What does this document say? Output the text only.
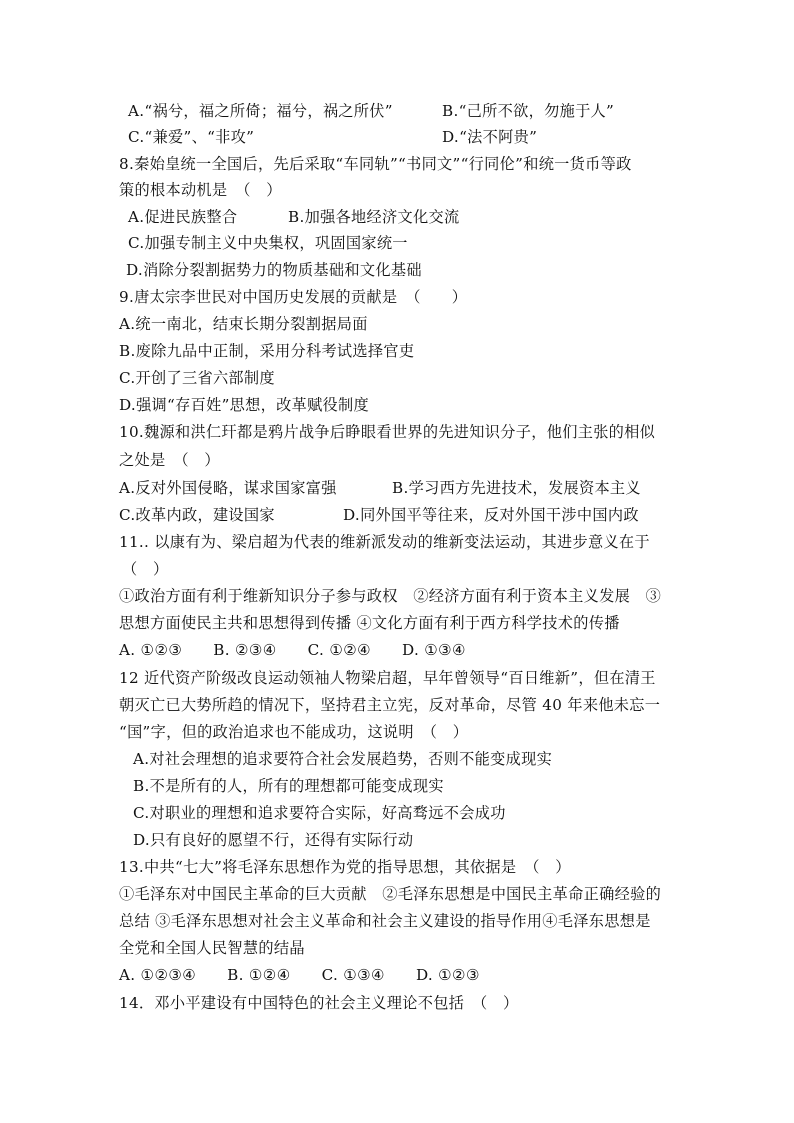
A.“祸兮，福之所倚；福兮，祸之所伏”	B.“己所不欲，勿施于人”
C.“兼爱”、“非攻”	D.“法不阿贵”
8.秦始皇统一全国后，先后采取“车同轨”“书同文”“行同伦”和统一货币等政
策的根本动机是　（　）
A.促进民族整合	B.加强各地经济文化交流
C.加强专制主义中央集权，巩固国家统一
D.消除分裂割据势力的物质基础和文化基础
9.唐太宗李世民对中国历史发展的贡献是　（　　）
A.统一南北，结束长期分裂割据局面
B.废除九品中正制，采用分科考试选择官吏
C.开创了三省六部制度
D.强调“存百姓”思想，改革赋役制度
10.魏源和洪仁玕都是鸦片战争后睁眼看世界的先进知识分子，他们主张的相似
之处是　（　）
A.反对外国侵略，谋求国家富强	B.学习西方先进技术，发展资本主义
C.改革内政，建设国家	D.同外国平等往来，反对外国干涉中国内政
11.. 以康有为、梁启超为代表的维新派发动的维新变法运动，其进步意义在于
（　）
①政治方面有利于维新知识分子参与政权　②经济方面有利于资本主义发展　③
思想方面使民主共和思想得到传播 ④文化方面有利于西方科学技术的传播
A. ①②③　　B. ②③④　　C. ①②④　　D. ①③④
12 近代资产阶级改良运动领袖人物梁启超，早年曾领导“百日维新”，但在清王
朝灭亡已大势所趋的情况下，坚持君主立宪，反对革命，尽管 40 年来他未忘一
“国”字，但的政治追求也不能成功，这说明　（　）
A.对社会理想的追求要符合社会发展趋势，否则不能变成现实
B.不是所有的人，所有的理想都可能变成现实
C.对职业的理想和追求要符合实际，好高骛远不会成功
D.只有良好的愿望不行，还得有实际行动
13.中共“七大”将毛泽东思想作为党的指导思想，其依据是　（　）
①毛泽东对中国民主革命的巨大贡献　②毛泽东思想是中国民主革命正确经验的
总结 ③毛泽东思想对社会主义革命和社会主义建设的指导作用④毛泽东思想是
全党和全国人民智慧的结晶
A. ①②③④　　B. ①②④　　C. ①③④　　D. ①②③
14．邓小平建设有中国特色的社会主义理论不包括　（　）
